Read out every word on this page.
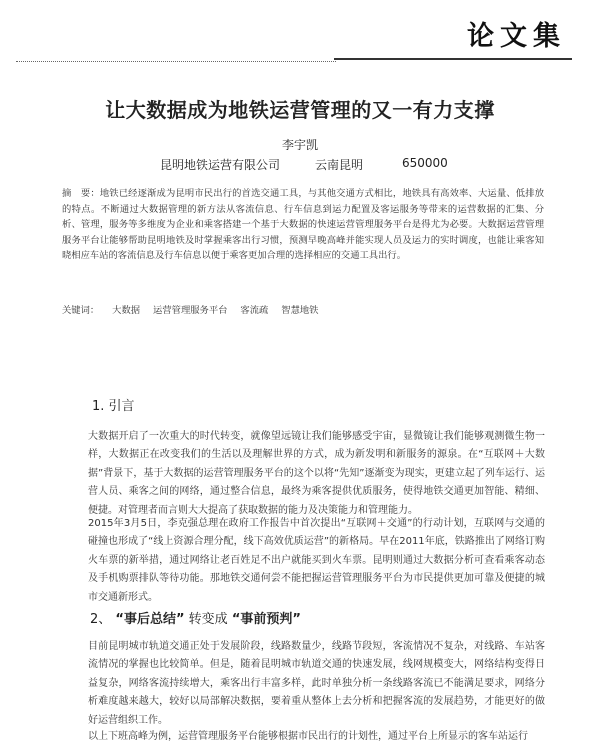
论文集
让大数据成为地铁运营管理的又一有力支撑
李宇凯
昆明地铁运营有限公司	云南昆明	650000
摘　要：地铁已经逐渐成为昆明市民出行的首选交通工具，与其他交通方式相比，地铁具有高效率、大运量、低排放的特点。不断通过大数据管理的新方法从客流信息、行车信息到运力配置及客运服务等带来的运营数据的汇集、分析、管理，服务等多维度为企业和乘客搭建一个基于大数据的快速运营管理服务平台是得尤为必要。大数据运营管理服务平台让能够帮助昆明地铁及时掌握乘客出行习惯，预测早晚高峰并能实现人员及运力的实时调度，也能让乘客知晓相应车站的客流信息及行车信息以便于乘客更加合理的选择相应的交通工具出行。
关键词： 大数据 运营管理服务平台 客流疏 智慧地铁
1. 引言
大数据开启了一次重大的时代转变，就像望远镜让我们能够感受宇宙，显微镜让我们能够观测微生物一样，大数据正在改变我们的生活以及理解世界的方式，成为新发明和新服务的源泉。在“互联网＋大数据”背景下，基于大数据的运营管理服务平台的这个以将“先知”逐渐变为现实，更建立起了列车运行、运营人员、乘客之间的网络，通过整合信息，最终为乘客提供优质服务，使得地铁交通更加智能、精细、便捷。对管理者而言则大大提高了获取数据的能力及决策能力和管理能力。
2015年3月5日，李克强总理在政府工作报告中首次提出“互联网＋交通”的行动计划，互联网与交通的碰撞也形成了“线上资源合理分配，线下高效优质运营”的新格局。早在2011年底，铁路推出了网络订购火车票的新举措，通过网络让老百姓足不出户就能买到火车票。昆明则通过大数据分析可查看乘客动态及手机购票排队等待功能。那地铁交通何尝不能把握运营管理服务平台为市民提供更加可靠及便捷的城市交通新形式。
2、 “事后总结” 转变成 “事前预判”
目前昆明城市轨道交通正处于发展阶段，线路数量少，线路节段短，客流情况不复杂，对线路、车站客流情况的掌握也比较简单。但是，随着昆明城市轨道交通的快速发展，线网规模变大，网络结构变得日益复杂，网络客流持续增大，乘客出行丰富多样，此时单独分析一条线路客流已不能满足要求，网络分析难度越来越大，较好以局部解决数据，要着重从整体上去分析和把握客流的发展趋势，才能更好的做好运营组织工作。
以上下班高峰为例，运营管理服务平台能够根据市民出行的计划性，通过平台上所显示的客车站运行
